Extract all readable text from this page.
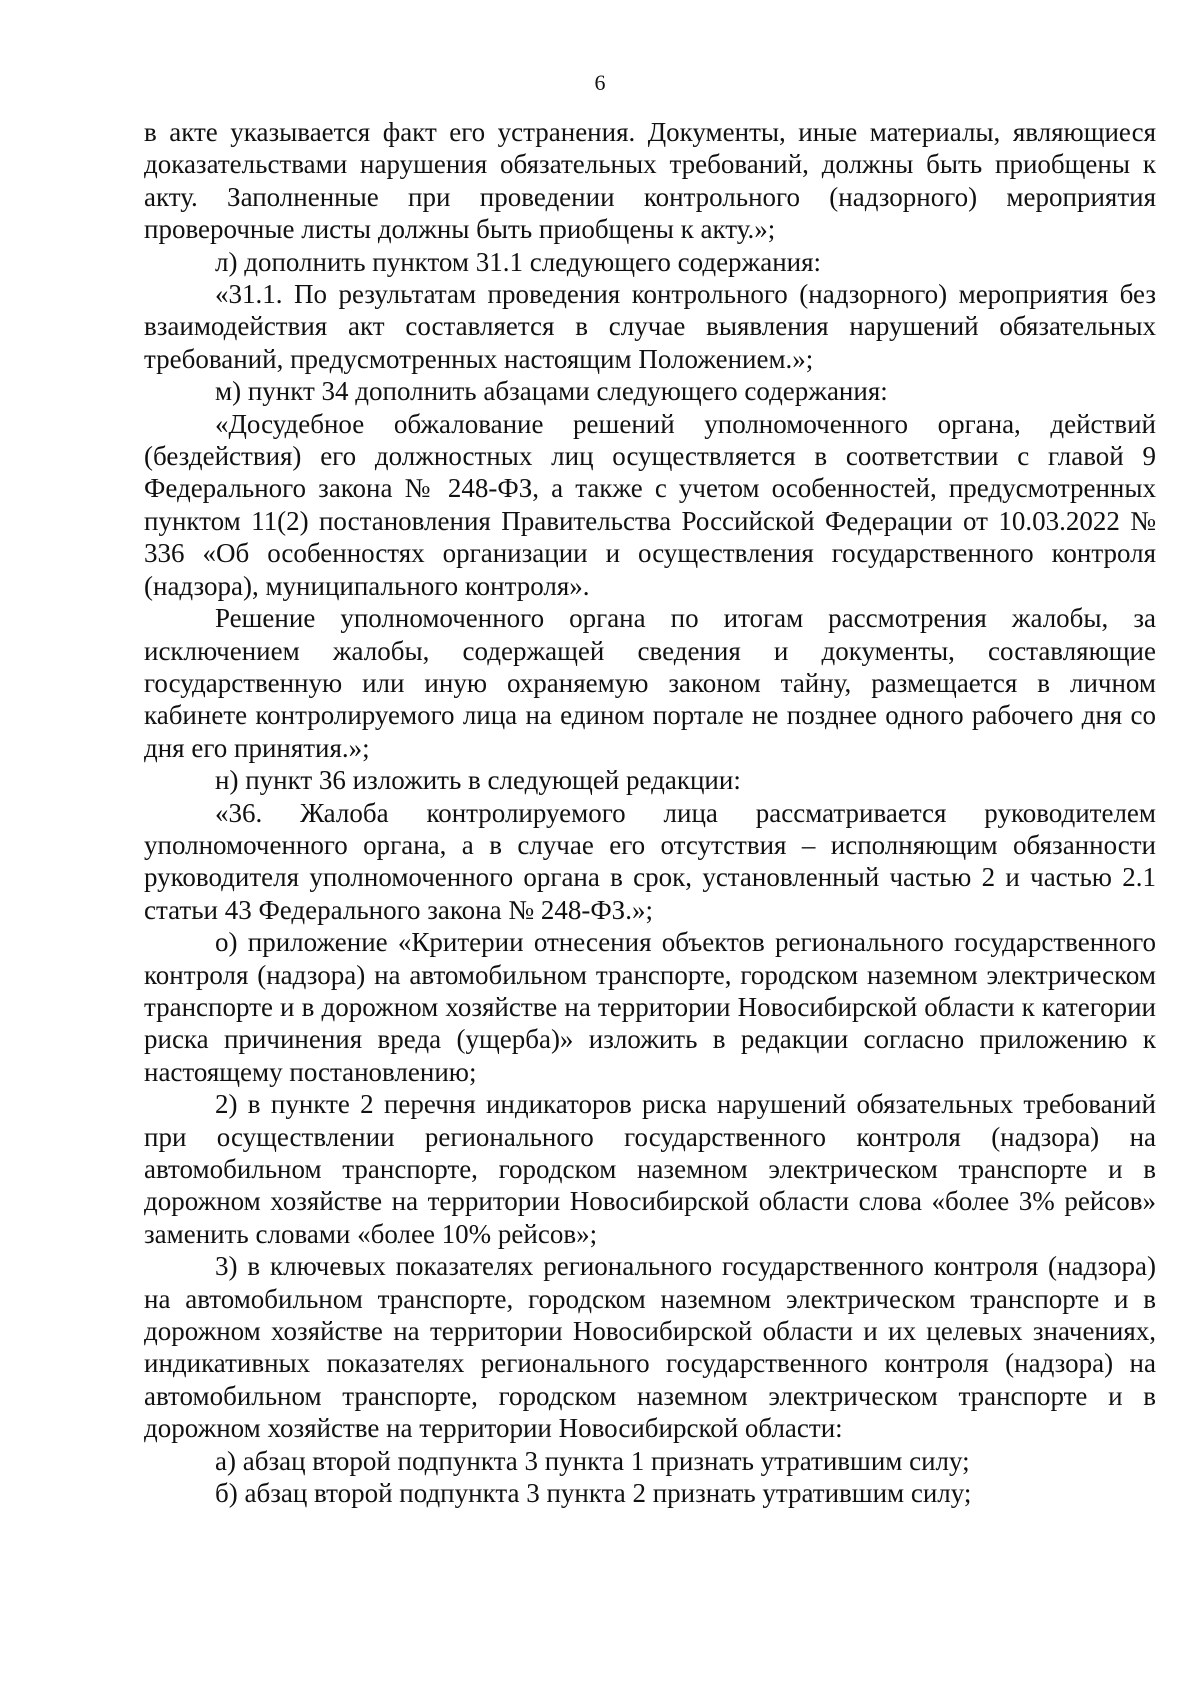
6

в акте указывается факт его устранения. Документы, иные материалы, являющиеся доказательствами нарушения обязательных требований, должны быть приобщены к акту. Заполненные при проведении контрольного (надзорного) мероприятия проверочные листы должны быть приобщены к акту.»;

л) дополнить пунктом 31.1 следующего содержания:

«31.1. По результатам проведения контрольного (надзорного) мероприятия без взаимодействия акт составляется в случае выявления нарушений обязательных требований, предусмотренных настоящим Положением.»;

м) пункт 34 дополнить абзацами следующего содержания:

«Досудебное обжалование решений уполномоченного органа, действий (бездействия) его должностных лиц осуществляется в соответствии с главой 9 Федерального закона № 248-ФЗ, а также с учетом особенностей, предусмотренных пунктом 11(2) постановления Правительства Российской Федерации от 10.03.2022 № 336 «Об особенностях организации и осуществления государственного контроля (надзора), муниципального контроля».

Решение уполномоченного органа по итогам рассмотрения жалобы, за исключением жалобы, содержащей сведения и документы, составляющие государственную или иную охраняемую законом тайну, размещается в личном кабинете контролируемого лица на едином портале не позднее одного рабочего дня со дня его принятия.»;

н) пункт 36 изложить в следующей редакции:

«36. Жалоба контролируемого лица рассматривается руководителем уполномоченного органа, а в случае его отсутствия – исполняющим обязанности руководителя уполномоченного органа в срок, установленный частью 2 и частью 2.1 статьи 43 Федерального закона № 248-ФЗ.»;

о) приложение «Критерии отнесения объектов регионального государственного контроля (надзора) на автомобильном транспорте, городском наземном электрическом транспорте и в дорожном хозяйстве на территории Новосибирской области к категории риска причинения вреда (ущерба)» изложить в редакции согласно приложению к настоящему постановлению;

2) в пункте 2 перечня индикаторов риска нарушений обязательных требований при осуществлении регионального государственного контроля (надзора) на автомобильном транспорте, городском наземном электрическом транспорте и в дорожном хозяйстве на территории Новосибирской области слова «более 3% рейсов» заменить словами «более 10% рейсов»;

3) в ключевых показателях регионального государственного контроля (надзора) на автомобильном транспорте, городском наземном электрическом транспорте и в дорожном хозяйстве на территории Новосибирской области и их целевых значениях, индикативных показателях регионального государственного контроля (надзора) на автомобильном транспорте, городском наземном электрическом транспорте и в дорожном хозяйстве на территории Новосибирской области:

а) абзац второй подпункта 3 пункта 1 признать утратившим силу;

б) абзац второй подпункта 3 пункта 2 признать утратившим силу;
